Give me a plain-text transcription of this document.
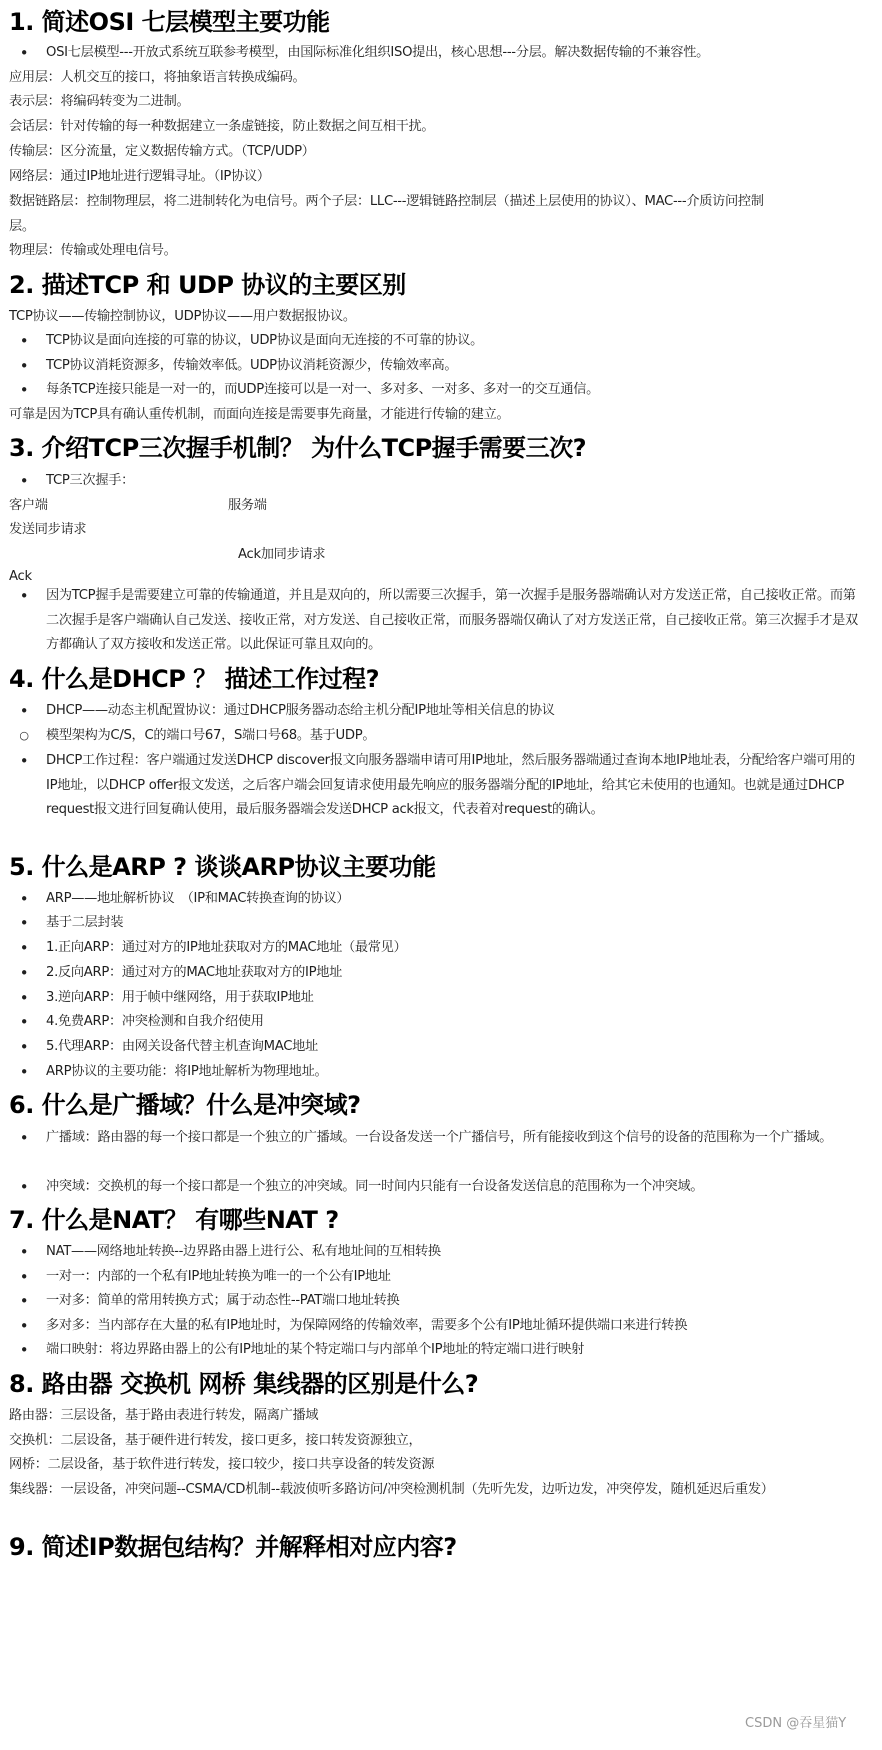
1. 简述OSI 七层模型主要功能
•
OSI七层模型---开放式系统互联参考模型，由国际标准化组织ISO提出，核心思想---分层。解决数据传输的不兼容性。
应用层：人机交互的接口，将抽象语言转换成编码。
表示层：将编码转变为二进制。
会话层：针对传输的每一种数据建立一条虚链接，防止数据之间互相干扰。
传输层：区分流量，定义数据传输方式。（TCP/UDP）
网络层：通过IP地址进行逻辑寻址。（IP协议）
数据链路层：控制物理层，将二进制转化为电信号。两个子层：LLC---逻辑链路控制层（描述上层使用的协议）、MAC---介质访问控制层。
物理层：传输或处理电信号。
2. 描述TCP 和 UDP 协议的主要区别
TCP协议——传输控制协议，UDP协议——用户数据报协议。
•
TCP协议是面向连接的可靠的协议，UDP协议是面向无连接的不可靠的协议。
•
TCP协议消耗资源多，传输效率低。UDP协议消耗资源少，传输效率高。
•
每条TCP连接只能是一对一的，而UDP连接可以是一对一、多对多、一对多、多对一的交互通信。
可靠是因为TCP具有确认重传机制，而面向连接是需要事先商量，才能进行传输的建立。
3. 介绍TCP三次握手机制？ 为什么TCP握手需要三次?
•
TCP三次握手：
客户端	服务端
发送同步请求
Ack加同步请求
Ack
•
因为TCP握手是需要建立可靠的传输通道，并且是双向的，所以需要三次握手，第一次握手是服务器端确认对方发送正常，自己接收正常。而第二次握手是客户端确认自己发送、接收正常，对方发送、自己接收正常，而服务器端仅确认了对方发送正常，自己接收正常。第三次握手才是双方都确认了双方接收和发送正常。以此保证可靠且双向的。
4. 什么是DHCP ？ 描述工作过程?
•
DHCP——动态主机配置协议：通过DHCP服务器动态给主机分配IP地址等相关信息的协议
○
模型架构为C/S，C的端口号67，S端口号68。基于UDP。
•
DHCP工作过程：客户端通过发送DHCP discover报文向服务器端申请可用IP地址，然后服务器端通过查询本地IP地址表，分配给客户端可用的IP地址，以DHCP offer报文发送，之后客户端会回复请求使用最先响应的服务器端分配的IP地址，给其它未使用的也通知。也就是通过DHCP request报文进行回复确认使用，最后服务器端会发送DHCP ack报文，代表着对request的确认。
5. 什么是ARP ? 谈谈ARP协议主要功能
•
ARP——地址解析协议　（IP和MAC转换查询的协议）
•
基于二层封装
•
1.正向ARP：通过对方的IP地址获取对方的MAC地址（最常见）
•
2.反向ARP：通过对方的MAC地址获取对方的IP地址
•
3.逆向ARP：用于帧中继网络，用于获取IP地址
•
4.免费ARP：冲突检测和自我介绍使用
•
5.代理ARP：由网关设备代替主机查询MAC地址
•
ARP协议的主要功能：将IP地址解析为物理地址。
6. 什么是广播域？什么是冲突域?
•
广播域：路由器的每一个接口都是一个独立的广播域。一台设备发送一个广播信号，所有能接收到这个信号的设备的范围称为一个广播域。
•
冲突域：交换机的每一个接口都是一个独立的冲突域。同一时间内只能有一台设备发送信息的范围称为一个冲突域。
7. 什么是NAT？ 有哪些NAT ?
•
NAT——网络地址转换--边界路由器上进行公、私有地址间的互相转换
•
一对一：内部的一个私有IP地址转换为唯一的一个公有IP地址
•
一对多：简单的常用转换方式；属于动态性--PAT端口地址转换
•
多对多：当内部存在大量的私有IP地址时，为保障网络的传输效率，需要多个公有IP地址循环提供端口来进行转换
•
端口映射：将边界路由器上的公有IP地址的某个特定端口与内部单个IP地址的特定端口进行映射
8. 路由器 交换机 网桥 集线器的区别是什么?
路由器：三层设备，基于路由表进行转发，隔离广播域
交换机：二层设备，基于硬件进行转发，接口更多，接口转发资源独立，
网桥：二层设备，基于软件进行转发，接口较少，接口共享设备的转发资源
集线器：一层设备，冲突问题--CSMA/CD机制--载波侦听多路访问/冲突检测机制（先听先发，边听边发，冲突停发，随机延迟后重发）
9. 简述IP数据包结构？并解释相对应内容?
CSDN @吞星猫Y
